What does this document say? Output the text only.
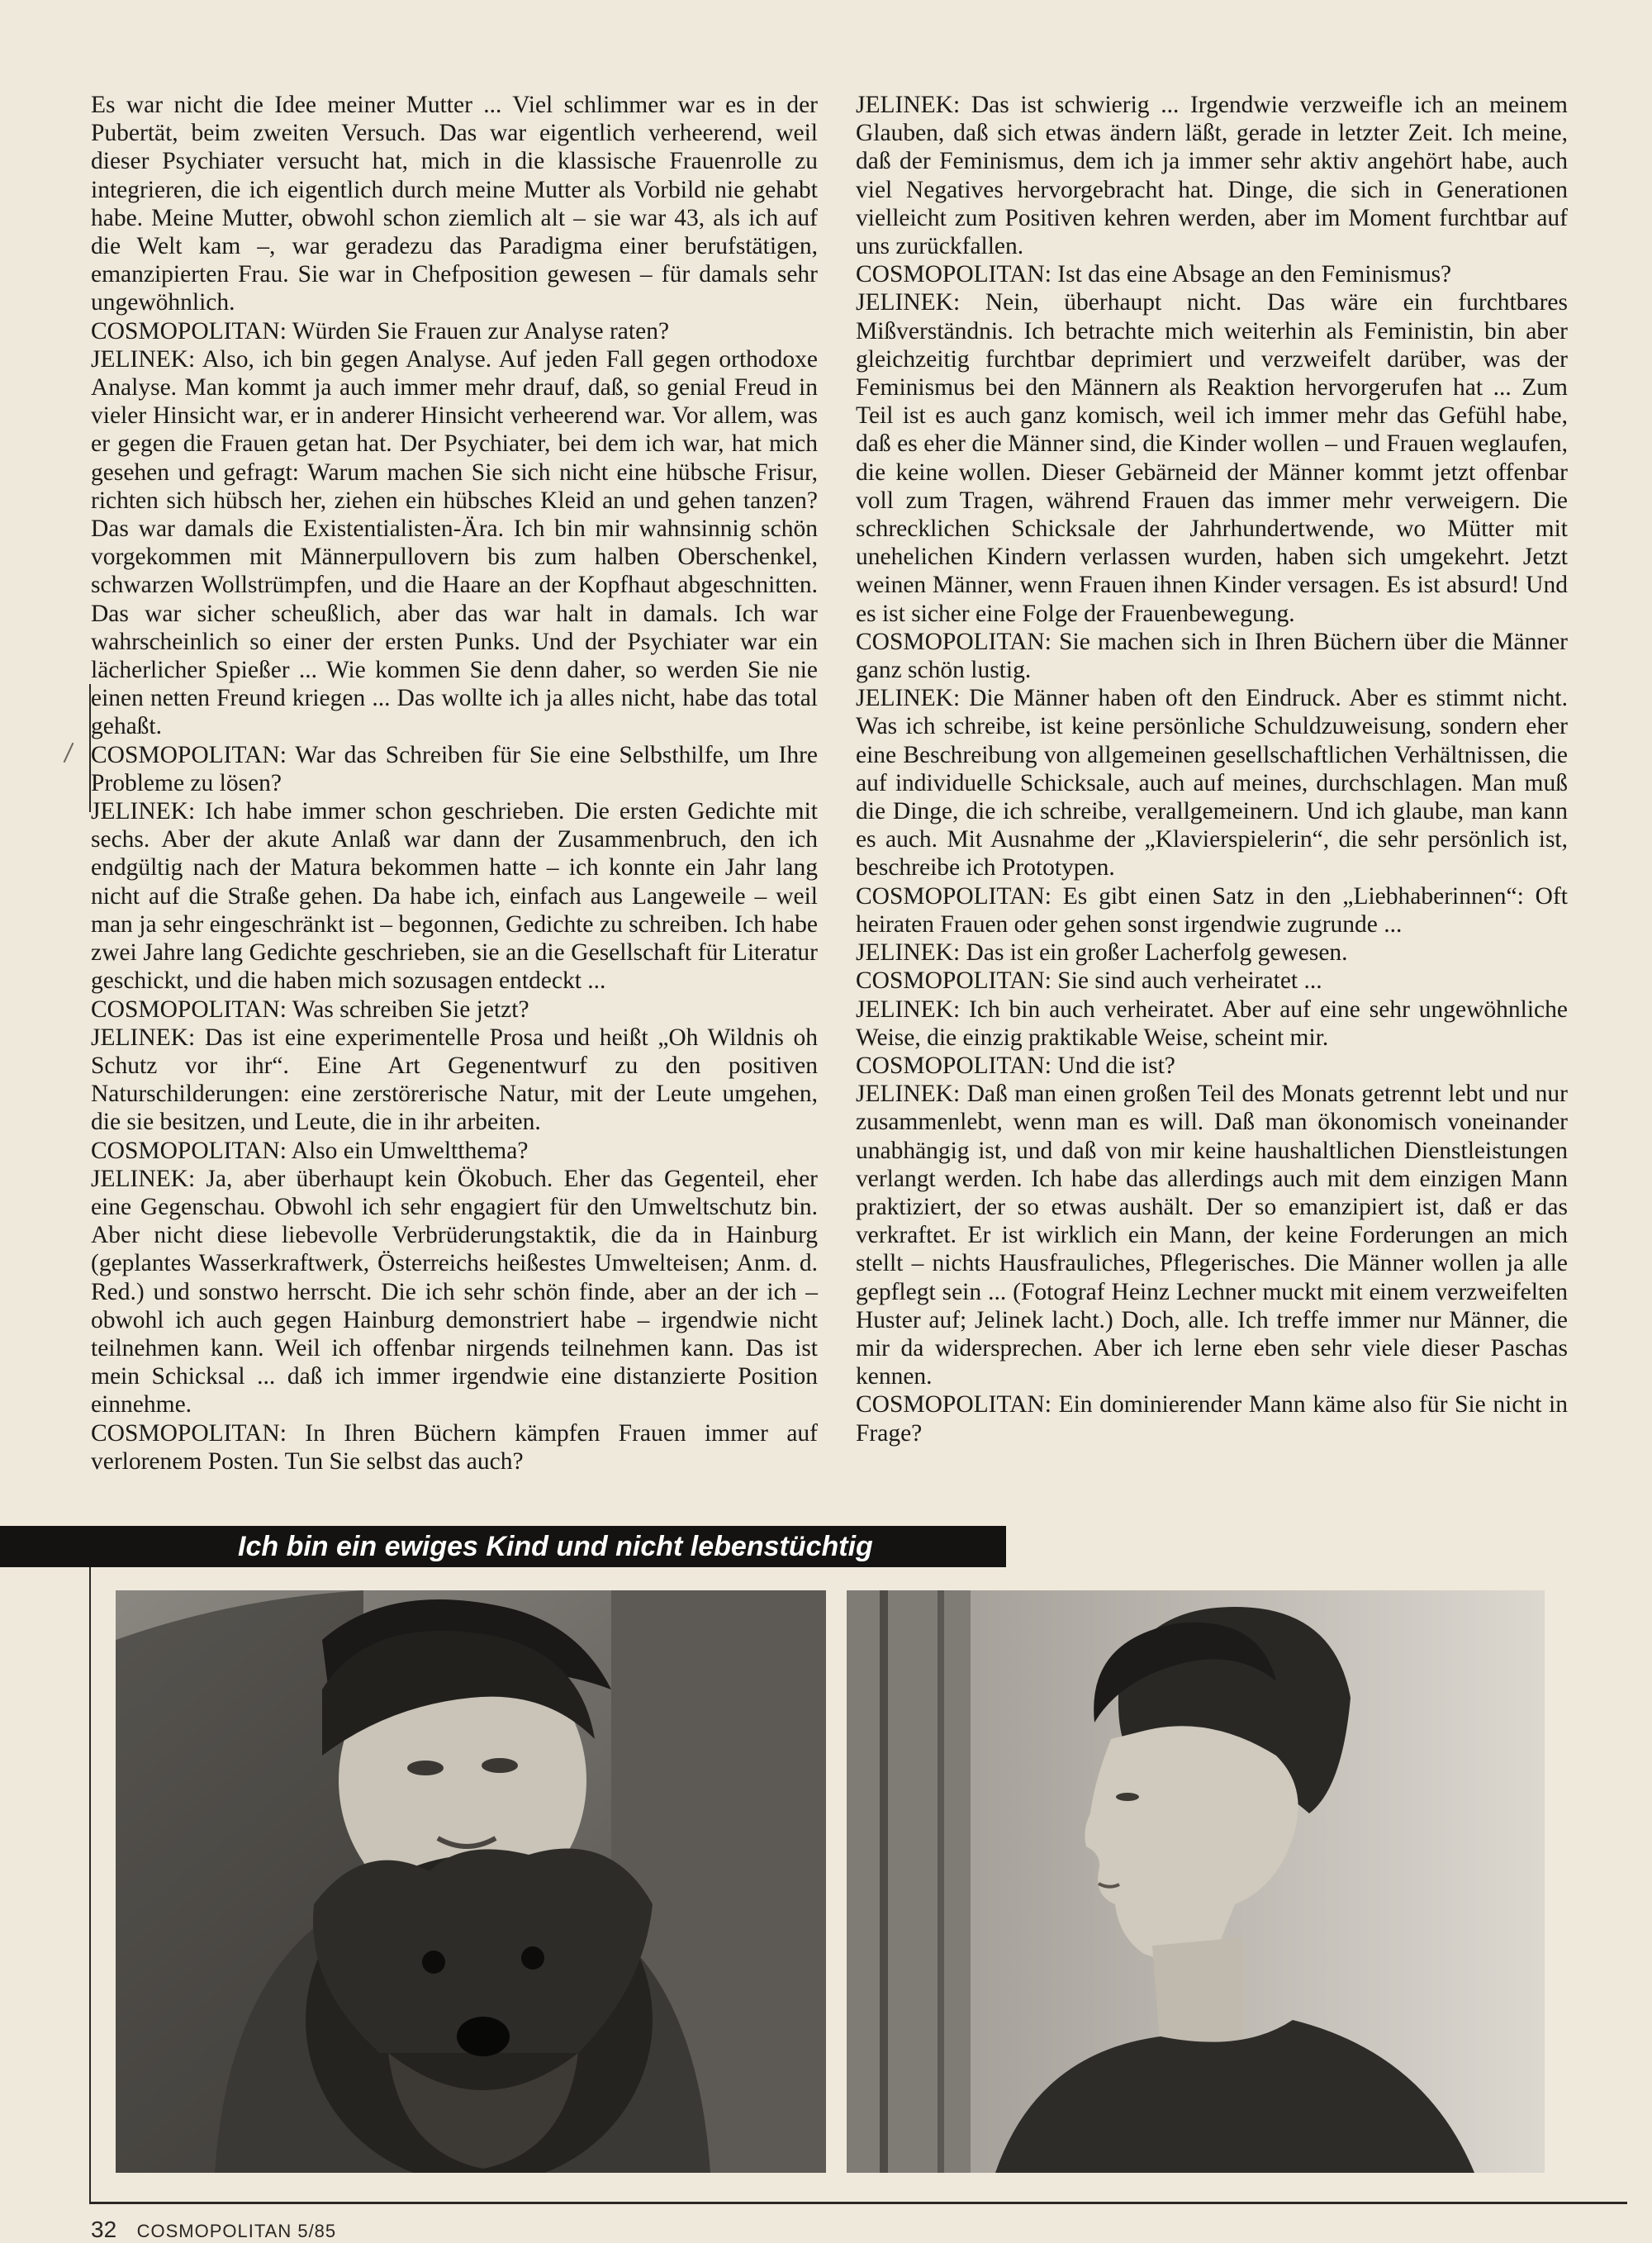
Es war nicht die Idee meiner Mutter ... Viel schlimmer war es in der Pubertät, beim zweiten Versuch. Das war eigentlich verheerend, weil dieser Psychiater versucht hat, mich in die klassische Frauenrolle zu integrieren, die ich eigentlich durch meine Mutter als Vorbild nie gehabt habe. Meine Mutter, obwohl schon ziemlich alt – sie war 43, als ich auf die Welt kam –, war geradezu das Paradigma einer berufstätigen, emanzipierten Frau. Sie war in Chefposition gewesen – für damals sehr ungewöhnlich.

COSMOPOLITAN: Würden Sie Frauen zur Analyse raten?

JELINEK: Also, ich bin gegen Analyse. Auf jeden Fall gegen orthodoxe Analyse. Man kommt ja auch immer mehr drauf, daß, so genial Freud in vieler Hinsicht war, er in anderer Hinsicht verheerend war. Vor allem, was er gegen die Frauen getan hat. Der Psychiater, bei dem ich war, hat mich gesehen und gefragt: Warum machen Sie sich nicht eine hübsche Frisur, richten sich hübsch her, ziehen ein hübsches Kleid an und gehen tanzen? Das war damals die Existentialisten-Ära. Ich bin mir wahnsinnig schön vorgekommen mit Männerpullovern bis zum halben Oberschenkel, schwarzen Wollstrümpfen, und die Haare an der Kopfhaut abgeschnitten. Das war sicher scheußlich, aber das war halt in damals. Ich war wahrscheinlich so einer der ersten Punks. Und der Psychiater war ein lächerlicher Spießer ... Wie kommen Sie denn daher, so werden Sie nie einen netten Freund kriegen ... Das wollte ich ja alles nicht, habe das total gehaßt.

COSMOPOLITAN: War das Schreiben für Sie eine Selbsthilfe, um Ihre Probleme zu lösen?

JELINEK: Ich habe immer schon geschrieben. Die ersten Gedichte mit sechs. Aber der akute Anlaß war dann der Zusammenbruch, den ich endgültig nach der Matura bekommen hatte – ich konnte ein Jahr lang nicht auf die Straße gehen. Da habe ich, einfach aus Langeweile – weil man ja sehr eingeschränkt ist – begonnen, Gedichte zu schreiben. Ich habe zwei Jahre lang Gedichte geschrieben, sie an die Gesellschaft für Literatur geschickt, und die haben mich sozusagen entdeckt ...

COSMOPOLITAN: Was schreiben Sie jetzt?

JELINEK: Das ist eine experimentelle Prosa und heißt „Oh Wildnis oh Schutz vor ihr“. Eine Art Gegenentwurf zu den positiven Naturschilderungen: eine zerstörerische Natur, mit der Leute umgehen, die sie besitzen, und Leute, die in ihr arbeiten.

COSMOPOLITAN: Also ein Umweltthema?

JELINEK: Ja, aber überhaupt kein Ökobuch. Eher das Gegenteil, eher eine Gegenschau. Obwohl ich sehr engagiert für den Umweltschutz bin. Aber nicht diese liebevolle Verbrüderungstaktik, die da in Hainburg (geplantes Wasserkraftwerk, Österreichs heißestes Umwelteisen; Anm. d. Red.) und sonstwo herrscht. Die ich sehr schön finde, aber an der ich – obwohl ich auch gegen Hainburg demonstriert habe – irgendwie nicht teilnehmen kann. Weil ich offenbar nirgends teilnehmen kann. Das ist mein Schicksal ... daß ich immer irgendwie eine distanzierte Position einnehme.

COSMOPOLITAN: In Ihren Büchern kämpfen Frauen immer auf verlorenem Posten. Tun Sie selbst das auch?

JELINEK: Das ist schwierig ... Irgendwie verzweifle ich an meinem Glauben, daß sich etwas ändern läßt, gerade in letzter Zeit. Ich meine, daß der Feminismus, dem ich ja immer sehr aktiv angehört habe, auch viel Negatives hervorgebracht hat. Dinge, die sich in Generationen vielleicht zum Positiven kehren werden, aber im Moment furchtbar auf uns zurückfallen.

COSMOPOLITAN: Ist das eine Absage an den Feminismus?

JELINEK: Nein, überhaupt nicht. Das wäre ein furchtbares Mißverständnis. Ich betrachte mich weiterhin als Feministin, bin aber gleichzeitig furchtbar deprimiert und verzweifelt darüber, was der Feminismus bei den Männern als Reaktion hervorgerufen hat ... Zum Teil ist es auch ganz komisch, weil ich immer mehr das Gefühl habe, daß es eher die Männer sind, die Kinder wollen – und Frauen weglaufen, die keine wollen. Dieser Gebärneid der Männer kommt jetzt offenbar voll zum Tragen, während Frauen das immer mehr verweigern. Die schrecklichen Schicksale der Jahrhundertwende, wo Mütter mit unehelichen Kindern verlassen wurden, haben sich umgekehrt. Jetzt weinen Männer, wenn Frauen ihnen Kinder versagen. Es ist absurd! Und es ist sicher eine Folge der Frauenbewegung.

COSMOPOLITAN: Sie machen sich in Ihren Büchern über die Männer ganz schön lustig.

JELINEK: Die Männer haben oft den Eindruck. Aber es stimmt nicht. Was ich schreibe, ist keine persönliche Schuldzuweisung, sondern eher eine Beschreibung von allgemeinen gesellschaftlichen Verhältnissen, die auf individuelle Schicksale, auch auf meines, durchschlagen. Man muß die Dinge, die ich schreibe, verallgemeinern. Und ich glaube, man kann es auch. Mit Ausnahme der „Klavierspielerin“, die sehr persönlich ist, beschreibe ich Prototypen.

COSMOPOLITAN: Es gibt einen Satz in den „Liebhaberinnen“: Oft heiraten Frauen oder gehen sonst irgendwie zugrunde ...

JELINEK: Das ist ein großer Lacherfolg gewesen.

COSMOPOLITAN: Sie sind auch verheiratet ...

JELINEK: Ich bin auch verheiratet. Aber auf eine sehr ungewöhnliche Weise, die einzig praktikable Weise, scheint mir.

COSMOPOLITAN: Und die ist?

JELINEK: Daß man einen großen Teil des Monats getrennt lebt und nur zusammenlebt, wenn man es will. Daß man ökonomisch voneinander unabhängig ist, und daß von mir keine haushaltlichen Dienstleistungen verlangt werden. Ich habe das allerdings auch mit dem einzigen Mann praktiziert, der so etwas aushält. Der so emanzipiert ist, daß er das verkraftet. Er ist wirklich ein Mann, der keine Forderungen an mich stellt – nichts Hausfrauliches, Pflegerisches. Die Männer wollen ja alle gepflegt sein ... (Fotograf Heinz Lechner muckt mit einem verzweifelten Huster auf; Jelinek lacht.) Doch, alle. Ich treffe immer nur Männer, die mir da widersprechen. Aber ich lerne eben sehr viele dieser Paschas kennen.

COSMOPOLITAN: Ein dominierender Mann käme also für Sie nicht in Frage?

Ich bin ein ewiges Kind und nicht lebenstüchtig
32 COSMOPOLITAN 5/85
